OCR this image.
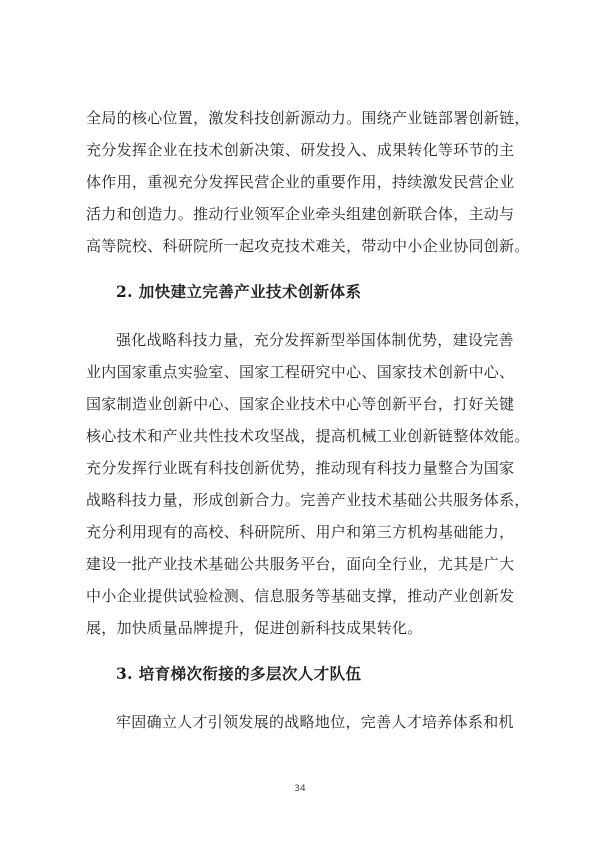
全局的核心位置，激发科技创新源动力。围绕产业链部署创新链，
充分发挥企业在技术创新决策、研发投入、成果转化等环节的主
体作用，重视充分发挥民营企业的重要作用，持续激发民营企业
活力和创造力。推动行业领军企业牵头组建创新联合体，主动与
高等院校、科研院所一起攻克技术难关，带动中小企业协同创新。
2. 加快建立完善产业技术创新体系
强化战略科技力量，充分发挥新型举国体制优势，建设完善
业内国家重点实验室、国家工程研究中心、国家技术创新中心、
国家制造业创新中心、国家企业技术中心等创新平台，打好关键
核心技术和产业共性技术攻坚战，提高机械工业创新链整体效能。
充分发挥行业既有科技创新优势，推动现有科技力量整合为国家
战略科技力量，形成创新合力。完善产业技术基础公共服务体系，
充分利用现有的高校、科研院所、用户和第三方机构基础能力，
建设一批产业技术基础公共服务平台，面向全行业，尤其是广大
中小企业提供试验检测、信息服务等基础支撑，推动产业创新发
展，加快质量品牌提升，促进创新科技成果转化。
3. 培育梯次衔接的多层次人才队伍
牢固确立人才引领发展的战略地位，完善人才培养体系和机
34
